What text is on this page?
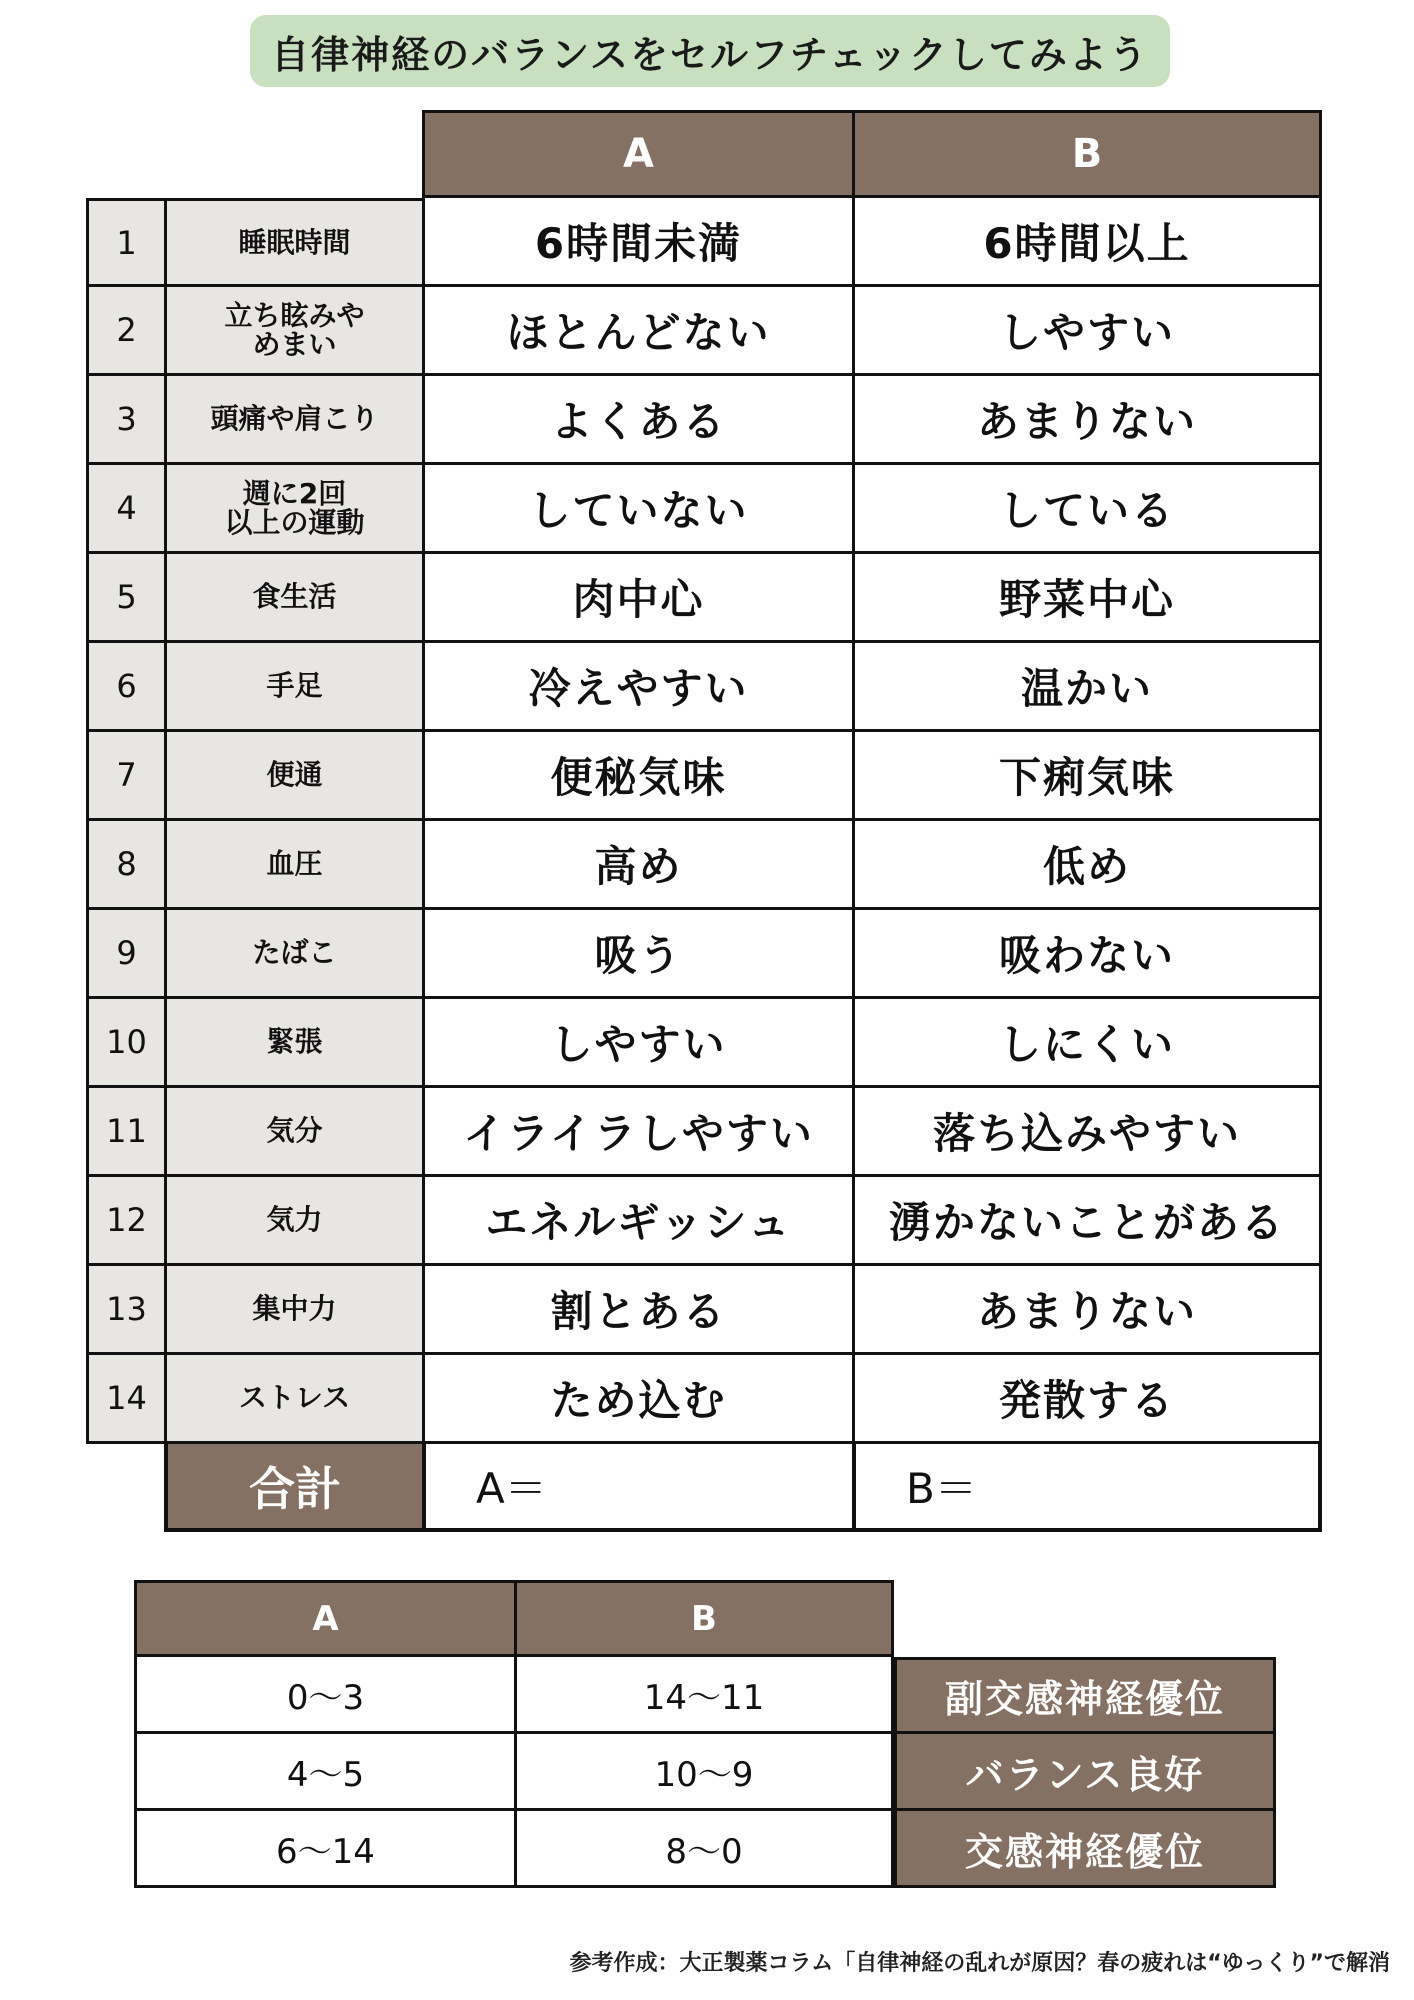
自律神経のバランスをセルフチェックしてみよう
A	B
1	睡眠時間	6時間未満	6時間以上
2	立ち眩みや
めまい	ほとんどない	しやすい
3	頭痛や肩こり	よくある	あまりない
4	週に2回
以上の運動	していない	している
5	食生活	肉中心	野菜中心
6	手足	冷えやすい	温かい
7	便通	便秘気味	下痢気味
8	血圧	高め	低め
9	たばこ	吸う	吸わない
10	緊張	しやすい	しにくい
11	気分	イライラしやすい	落ち込みやすい
12	気力	エネルギッシュ	湧かないことがある
13	集中力	割とある	あまりない
14	ストレス	ため込む	発散する
合計	A＝	B＝
A	B
0〜3	14〜11	副交感神経優位
4〜5	10〜9	バランス良好
6〜14	8〜0	交感神経優位
参考作成：大正製薬コラム「自律神経の乱れが原因？春の疲れは“ゆっくり”で解消
